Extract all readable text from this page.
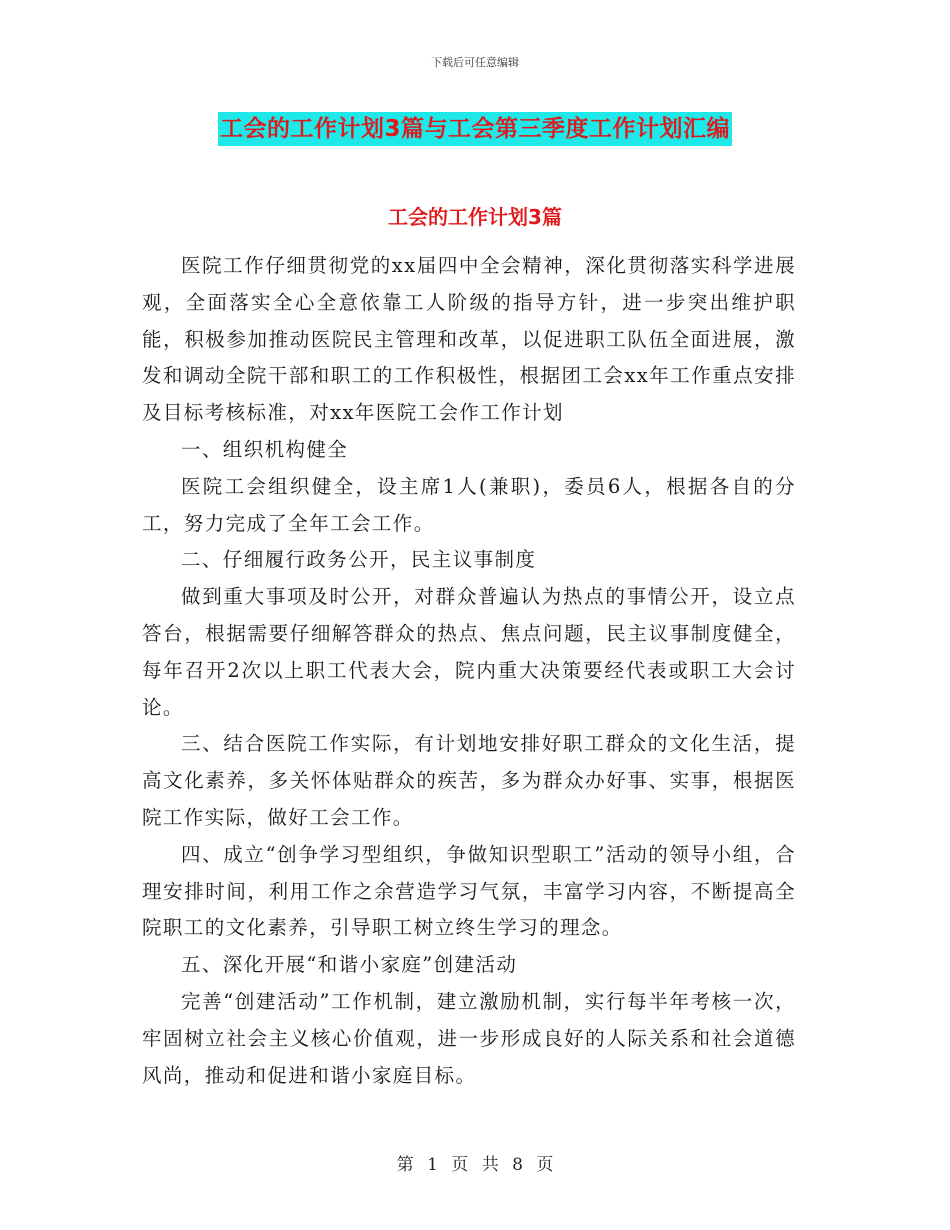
下载后可任意编辑
工会的工作计划3篇与工会第三季度工作计划汇编
工会的工作计划3篇

医院工作仔细贯彻党的xx届四中全会精神，深化贯彻落实科学进展观，全面落实全心全意依靠工人阶级的指导方针，进一步突出维护职能，积极参加推动医院民主管理和改革，以促进职工队伍全面进展，激发和调动全院干部和职工的工作积极性，根据团工会xx年工作重点安排及目标考核标准，对xx年医院工会作工作计划

一、组织机构健全

医院工会组织健全，设主席1人(兼职)，委员6人，根据各自的分工，努力完成了全年工会工作。

二、仔细履行政务公开，民主议事制度

做到重大事项及时公开，对群众普遍认为热点的事情公开，设立点答台，根据需要仔细解答群众的热点、焦点问题，民主议事制度健全，每年召开2次以上职工代表大会，院内重大决策要经代表或职工大会讨论。

三、结合医院工作实际，有计划地安排好职工群众的文化生活，提高文化素养，多关怀体贴群众的疾苦，多为群众办好事、实事，根据医院工作实际，做好工会工作。

四、成立“创争学习型组织，争做知识型职工”活动的领导小组，合理安排时间，利用工作之余营造学习气氛，丰富学习内容，不断提高全院职工的文化素养，引导职工树立终生学习的理念。

五、深化开展“和谐小家庭”创建活动

完善“创建活动”工作机制，建立激励机制，实行每半年考核一次，牢固树立社会主义核心价值观，进一步形成良好的人际关系和社会道德风尚，推动和促进和谐小家庭目标。

第 1 页 共 8 页
